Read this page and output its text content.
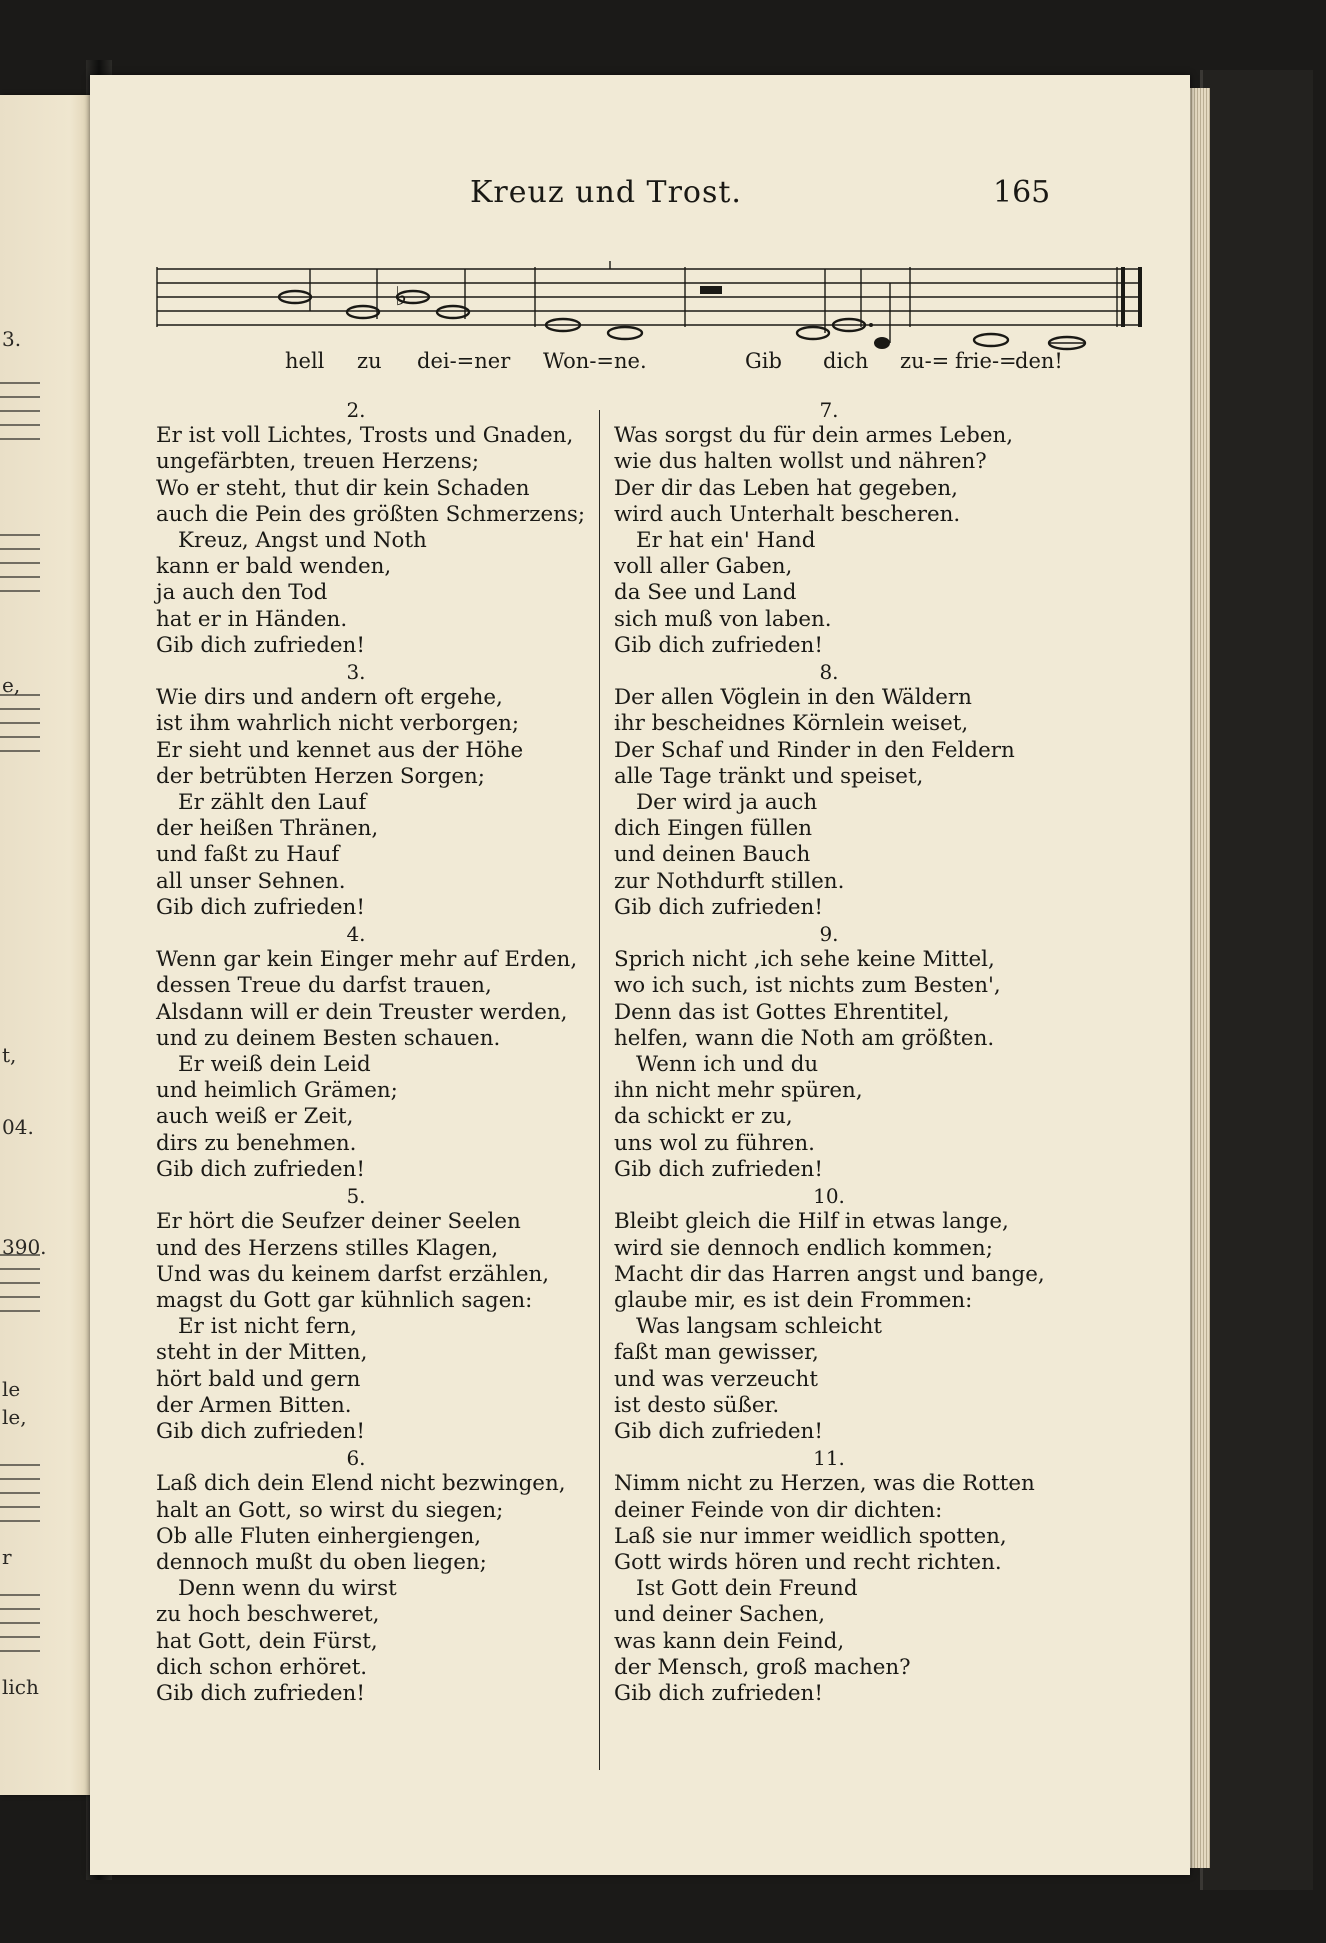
3.
e,
t,
04.
390.
le
le,
r
lich
Kreuz und Trost.	165
♭
hell zu dei-=ner Won-=ne.	Gib dich zu-= frie-=
den!
2.
Er ist voll Lichtes, Trosts und Gnaden,
ungefärbten, treuen Herzens;
Wo er steht, thut dir kein Schaden
auch die Pein des größten Schmerzens;
Kreuz, Angst und Noth
kann er bald wenden,
ja auch den Tod
hat er in Händen.
Gib dich zufrieden!
3.
Wie dirs und andern oft ergehe,
ist ihm wahrlich nicht verborgen;
Er sieht und kennet aus der Höhe
der betrübten Herzen Sorgen;
Er zählt den Lauf
der heißen Thränen,
und faßt zu Hauf
all unser Sehnen.
Gib dich zufrieden!
4.
Wenn gar kein Einger mehr auf Erden,
dessen Treue du darfst trauen,
Alsdann will er dein Treuster werden,
und zu deinem Besten schauen.
Er weiß dein Leid
und heimlich Grämen;
auch weiß er Zeit,
dirs zu benehmen.
Gib dich zufrieden!
5.
Er hört die Seufzer deiner Seelen
und des Herzens stilles Klagen,
Und was du keinem darfst erzählen,
magst du Gott gar kühnlich sagen:
Er ist nicht fern,
steht in der Mitten,
hört bald und gern
der Armen Bitten.
Gib dich zufrieden!
6.
Laß dich dein Elend nicht bezwingen,
halt an Gott, so wirst du siegen;
Ob alle Fluten einhergiengen,
dennoch mußt du oben liegen;
Denn wenn du wirst
zu hoch beschweret,
hat Gott, dein Fürst,
dich schon erhöret.
Gib dich zufrieden!
7.
Was sorgst du für dein armes Leben,
wie dus halten wollst und nähren?
Der dir das Leben hat gegeben,
wird auch Unterhalt bescheren.
Er hat ein' Hand
voll aller Gaben,
da See und Land
sich muß von laben.
Gib dich zufrieden!
8.
Der allen Vöglein in den Wäldern
ihr bescheidnes Körnlein weiset,
Der Schaf und Rinder in den Feldern
alle Tage tränkt und speiset,
Der wird ja auch
dich Eingen füllen
und deinen Bauch
zur Nothdurft stillen.
Gib dich zufrieden!
9.
Sprich nicht ,ich sehe keine Mittel,
wo ich such, ist nichts zum Besten',
Denn das ist Gottes Ehrentitel,
helfen, wann die Noth am größten.
Wenn ich und du
ihn nicht mehr spüren,
da schickt er zu,
uns wol zu führen.
Gib dich zufrieden!
10.
Bleibt gleich die Hilf in etwas lange,
wird sie dennoch endlich kommen;
Macht dir das Harren angst und bange,
glaube mir, es ist dein Frommen:
Was langsam schleicht
faßt man gewisser,
und was verzeucht
ist desto süßer.
Gib dich zufrieden!
11.
Nimm nicht zu Herzen, was die Rotten
deiner Feinde von dir dichten:
Laß sie nur immer weidlich spotten,
Gott wirds hören und recht richten.
Ist Gott dein Freund
und deiner Sachen,
was kann dein Feind,
der Mensch, groß machen?
Gib dich zufrieden!
